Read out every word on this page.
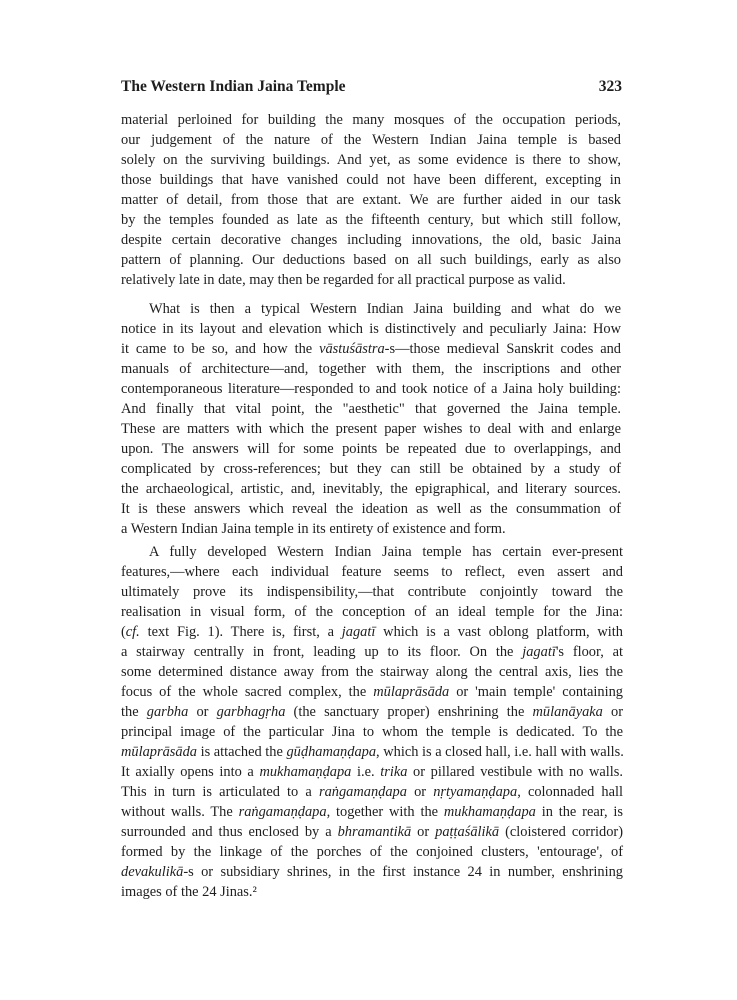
The Western Indian Jaina Temple	323
material perloined for building the many mosques of the occupation periods,
our judgement of the nature of the Western Indian Jaina temple is based
solely on the surviving buildings. And yet, as some evidence is there to show,
those buildings that have vanished could not have been different, excepting in
matter of detail, from those that are extant. We are further aided in our task
by the temples founded as late as the fifteenth century, but which still follow,
despite certain decorative changes including innovations, the old, basic Jaina
pattern of planning. Our deductions based on all such buildings, early as also
relatively late in date, may then be regarded for all practical purpose as valid.
What is then a typical Western Indian Jaina building and what do we
notice in its layout and elevation which is distinctively and peculiarly Jaina: How
it came to be so, and how the vāstuśāstra-s—those medieval Sanskrit codes and
manuals of architecture—and, together with them, the inscriptions and other
contemporaneous literature—responded to and took notice of a Jaina holy building:
And finally that vital point, the "aesthetic" that governed the Jaina temple.
These are matters with which the present paper wishes to deal with and enlarge
upon. The answers will for some points be repeated due to overlappings, and
complicated by cross-references; but they can still be obtained by a study of
the archaeological, artistic, and, inevitably, the epigraphical, and literary sources.
It is these answers which reveal the ideation as well as the consummation of
a Western Indian Jaina temple in its entirety of existence and form.
A fully developed Western Indian Jaina temple has certain ever-present
features,—where each individual feature seems to reflect, even assert and
ultimately prove its indispensibility,—that contribute conjointly toward the
realisation in visual form, of the conception of an ideal temple for the Jina:
(cf. text Fig. 1). There is, first, a jagatī which is a vast oblong platform, with
a stairway centrally in front, leading up to its floor. On the jagatī's floor, at
some determined distance away from the stairway along the central axis, lies the
focus of the whole sacred complex, the mūlaprāsāda or 'main temple' containing
the garbha or garbhagṛha (the sanctuary proper) enshrining the mūlanāyaka or
principal image of the particular Jina to whom the temple is dedicated. To the
mūlaprāsāda is attached the gūḍhamaṇḍapa, which is a closed hall, i.e. hall with walls.
It axially opens into a mukhamaṇḍapa i.e. trika or pillared vestibule with no walls.
This in turn is articulated to a raṅgamaṇḍapa or nṛtyamaṇḍapa, colonnaded hall
without walls. The raṅgamaṇḍapa, together with the mukhamaṇḍapa in the rear, is
surrounded and thus enclosed by a bhramantikā or paṭṭaśālikā (cloistered corridor)
formed by the linkage of the porches of the conjoined clusters, 'entourage', of
devakulikā-s or subsidiary shrines, in the first instance 24 in number, enshrining
images of the 24 Jinas.²
